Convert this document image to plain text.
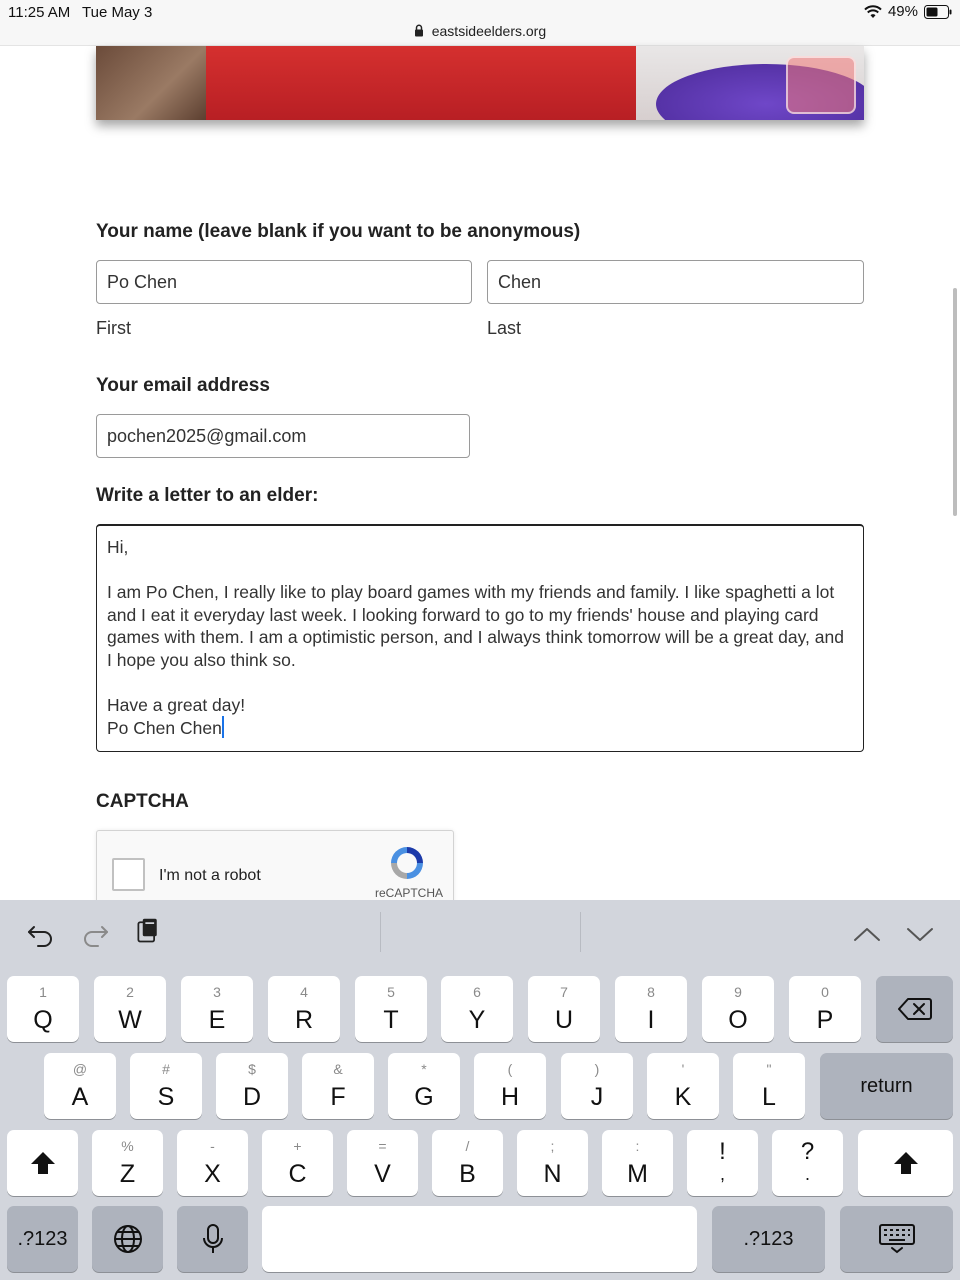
11:25 AM Tue May 3	49%
eastsideelders.org
Your name (leave blank if you want to be anonymous)
Po Chen	Chen
First	Last
Your email address
pochen2025@gmail.com
Write a letter to an elder:

Hi,

I am Po Chen, I really like to play board games with my friends and family. I like spaghetti a lot and I eat it everyday last week. I looking forward to go to my friends' house and playing card games with them. I am a optimistic person, and I always think tomorrow will be a great day, and I hope you also think so.

Have a great day!

Po Chen Chen

CAPTCHA
I'm not a robot
reCAPTCHA
1
Q
2
W
3
E
4
R
5
T
6
Y
7
U
8
I
9
O
0
P
@
A
#
S
$
D
&
F
*
G
(
H
)
J
'
K
"
L	return
%
Z
-
X
+
C
=
V
/
B
;
N
:
M
!
,
?
.
.?123	.?123
